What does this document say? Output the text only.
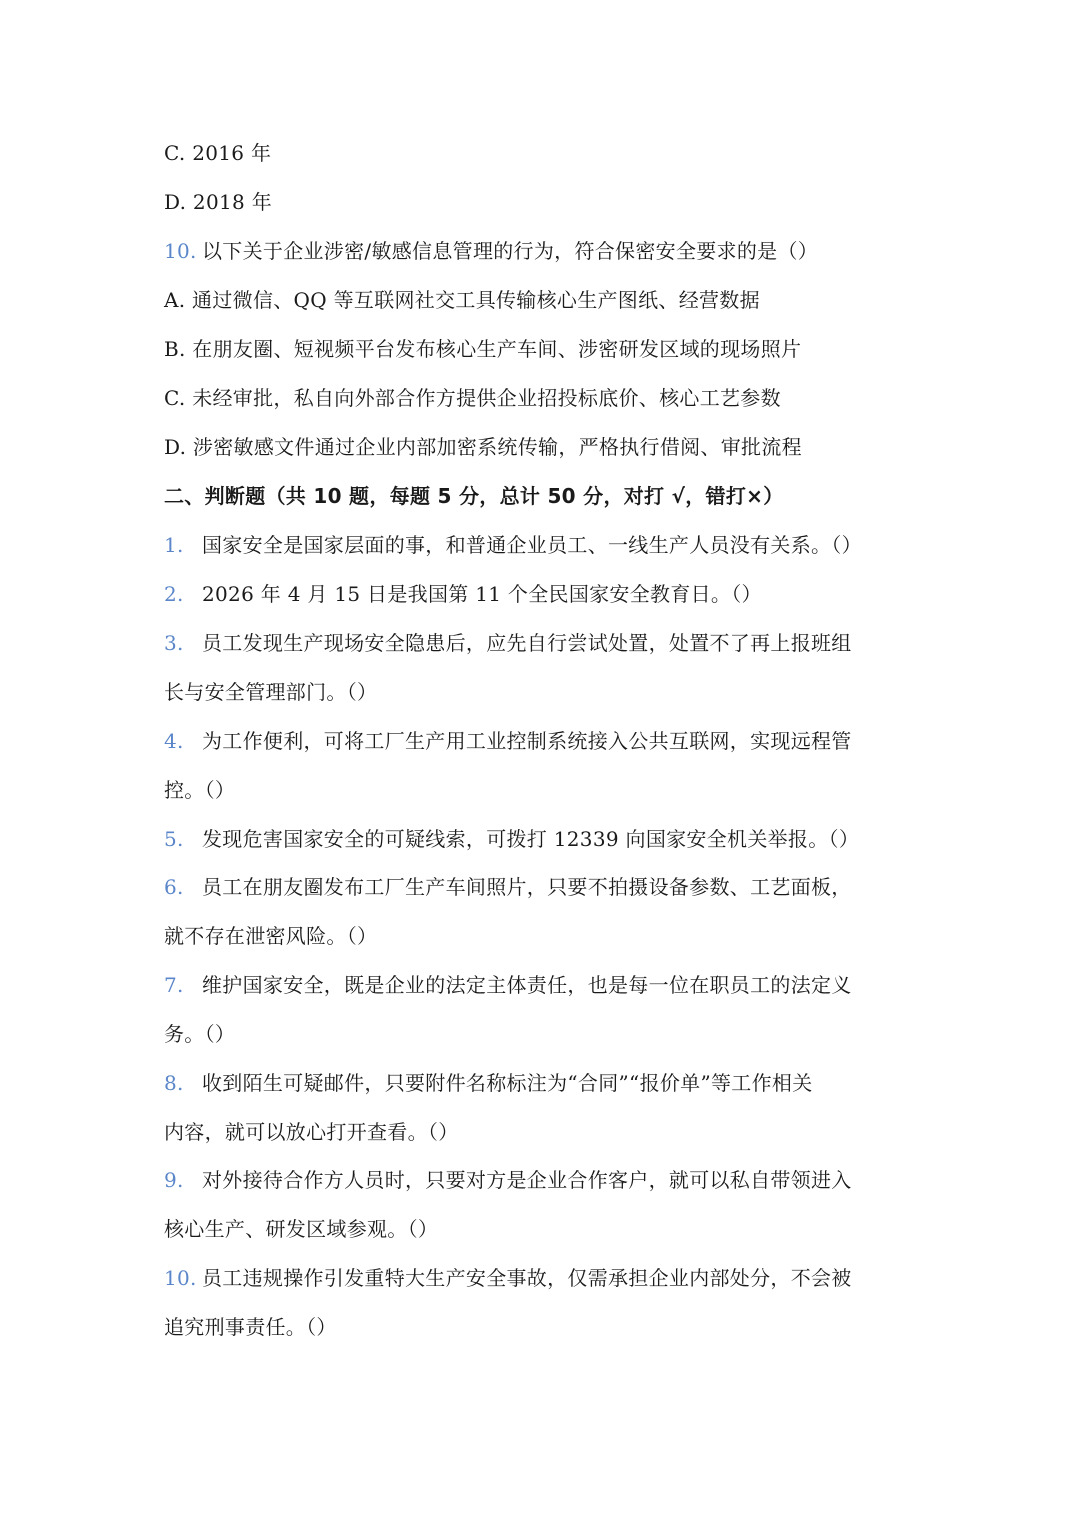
C. 2016 年
D. 2018 年
10. 以下关于企业涉密/敏感信息管理的行为，符合保密安全要求的是（）
A. 通过微信、QQ 等互联网社交工具传输核心生产图纸、经营数据
B. 在朋友圈、短视频平台发布核心生产车间、涉密研发区域的现场照片
C. 未经审批，私自向外部合作方提供企业招投标底价、核心工艺参数
D. 涉密敏感文件通过企业内部加密系统传输，严格执行借阅、审批流程
二、判断题（共 10 题，每题 5 分，总计 50 分，对打 √，错打×）
1. 国家安全是国家层面的事，和普通企业员工、一线生产人员没有关系。（）
2. 2026 年 4 月 15 日是我国第 11 个全民国家安全教育日。（）
3. 员工发现生产现场安全隐患后，应先自行尝试处置，处置不了再上报班组
长与安全管理部门。（）
4. 为工作便利，可将工厂生产用工业控制系统接入公共互联网，实现远程管
控。（）
5. 发现危害国家安全的可疑线索，可拨打 12339 向国家安全机关举报。（）
6. 员工在朋友圈发布工厂生产车间照片，只要不拍摄设备参数、工艺面板，
就不存在泄密风险。（）
7. 维护国家安全，既是企业的法定主体责任，也是每一位在职员工的法定义
务。（）
8. 收到陌生可疑邮件，只要附件名称标注为“合同”“报价单”等工作相关
内容，就可以放心打开查看。（）
9. 对外接待合作方人员时，只要对方是企业合作客户，就可以私自带领进入
核心生产、研发区域参观。（）
10. 员工违规操作引发重特大生产安全事故，仅需承担企业内部处分，不会被
追究刑事责任。（）
